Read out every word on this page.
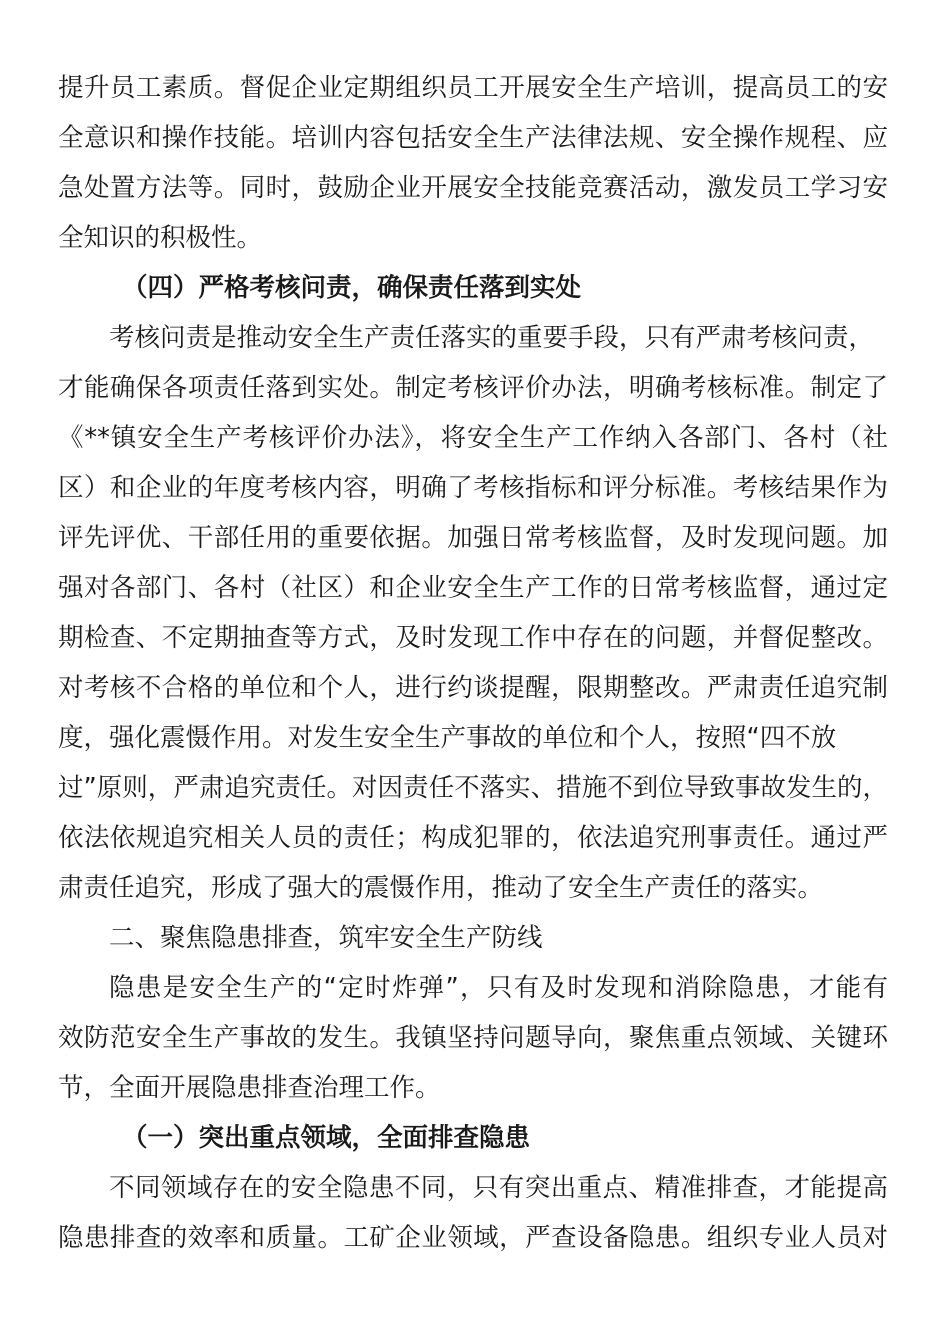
提升员工素质。督促企业定期组织员工开展安全生产培训，提高员工的安
全意识和操作技能。培训内容包括安全生产法律法规、安全操作规程、应
急处置方法等。同时，鼓励企业开展安全技能竞赛活动，激发员工学习安
全知识的积极性。
（四）严格考核问责，确保责任落到实处
考核问责是推动安全生产责任落实的重要手段，只有严肃考核问责，
才能确保各项责任落到实处。制定考核评价办法，明确考核标准。制定了
《**镇安全生产考核评价办法》，将安全生产工作纳入各部门、各村（社
区）和企业的年度考核内容，明确了考核指标和评分标准。考核结果作为
评先评优、干部任用的重要依据。加强日常考核监督，及时发现问题。加
强对各部门、各村（社区）和企业安全生产工作的日常考核监督，通过定
期检查、不定期抽查等方式，及时发现工作中存在的问题，并督促整改。
对考核不合格的单位和个人，进行约谈提醒，限期整改。严肃责任追究制
度，强化震慑作用。对发生安全生产事故的单位和个人，按照“四不放
过”原则，严肃追究责任。对因责任不落实、措施不到位导致事故发生的，
依法依规追究相关人员的责任；构成犯罪的，依法追究刑事责任。通过严
肃责任追究，形成了强大的震慑作用，推动了安全生产责任的落实。
二、聚焦隐患排查，筑牢安全生产防线
隐患是安全生产的“定时炸弹”，只有及时发现和消除隐患，才能有
效防范安全生产事故的发生。我镇坚持问题导向，聚焦重点领域、关键环
节，全面开展隐患排查治理工作。
（一）突出重点领域，全面排查隐患
不同领域存在的安全隐患不同，只有突出重点、精准排查，才能提高
隐患排查的效率和质量。工矿企业领域，严查设备隐患。组织专业人员对
